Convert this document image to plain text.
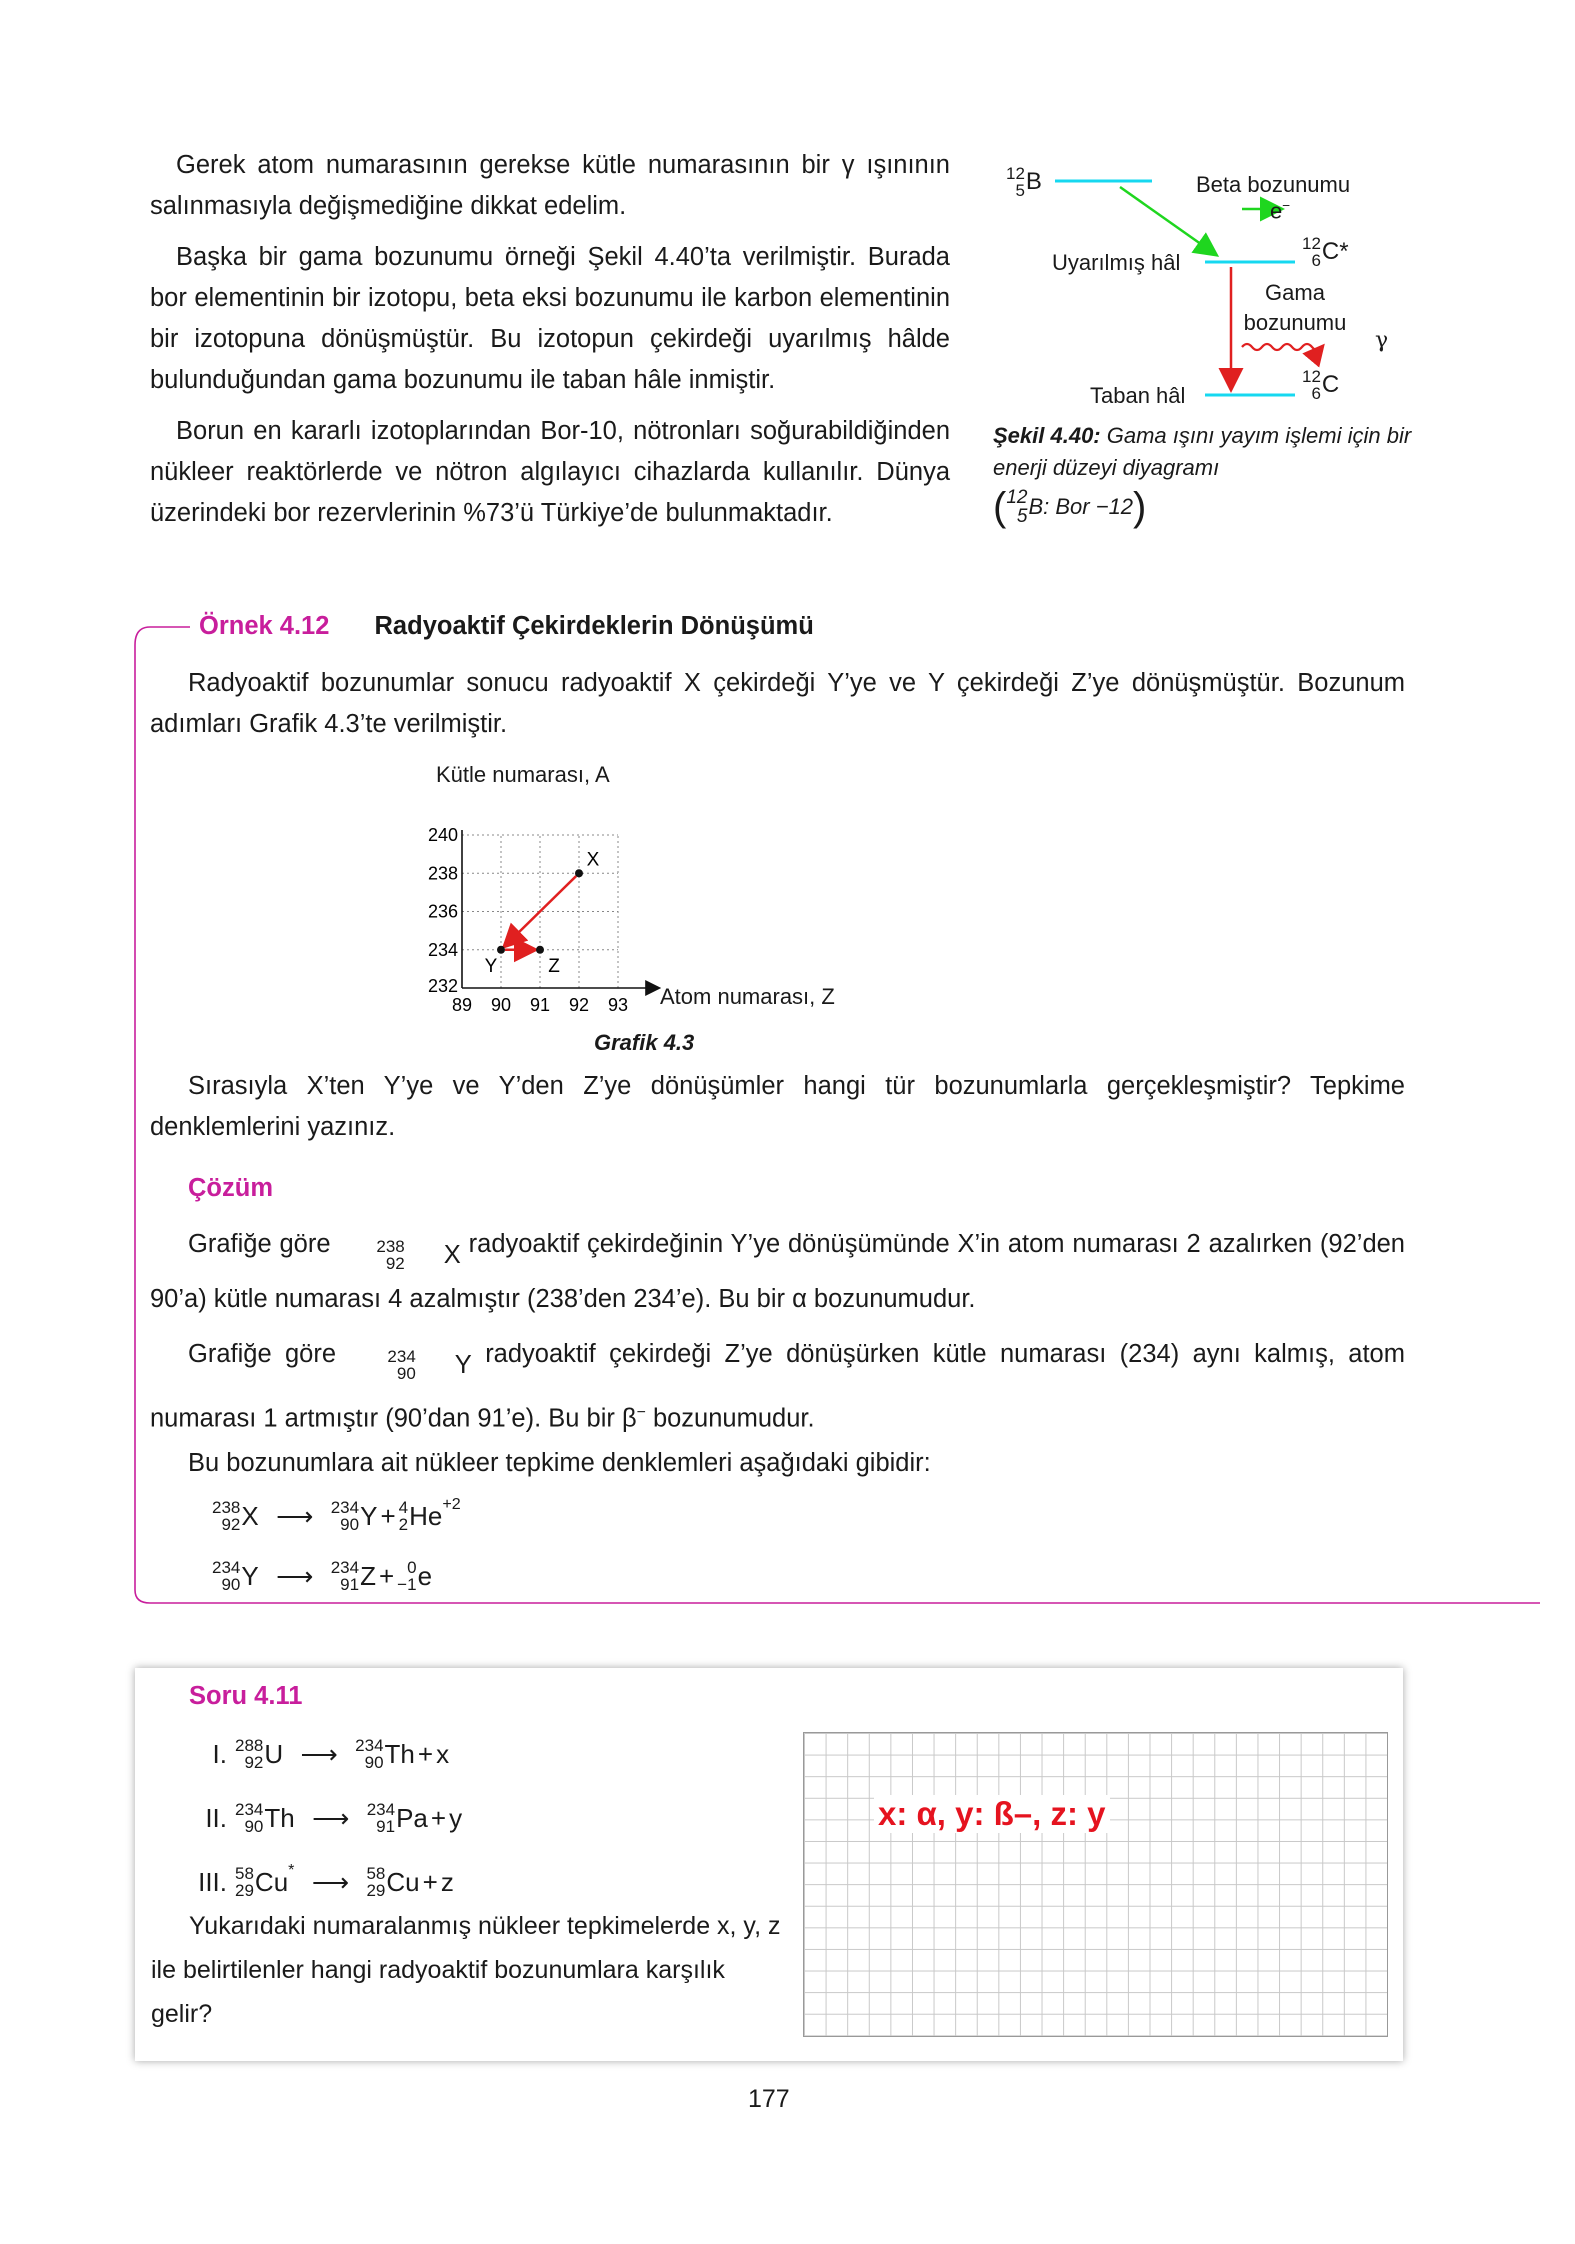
Gerek atom numarasının gerekse kütle numarasının bir γ ışınının salınmasıyla değişmediğine dikkat edelim.

Başka bir gama bozunumu örneği Şekil 4.40’ta verilmiştir. Burada bor elementinin bir izotopu, beta eksi bozunumu ile karbon elementinin bir izotopuna dönüşmüştür. Bu izotopun çekirdeği uyarılmış hâlde bulunduğundan gama bozunumu ile taban hâle inmiştir.

Borun en kararlı izotoplarından Bor-10, nötronları soğurabildiğinden nükleer reaktörlerde ve nötron algılayıcı cihazlarda kullanılır. Dünya üzerindeki bor rezervlerinin %73’ü Türkiye’de bulunmaktadır.

12
5 B	Beta bozunumu
e−
Uyarılmış hâl
12
6 C*
Gama
bozunumu
γ
Taban hâl
12
6 C
Şekil 4.40: Gama ışını yayım işlemi için bir enerji düzeyi diyagramı
( 12
5 B: Bor −12 )
Örnek 4.12 Radyoaktif Çekirdeklerin Dönüşümü

Radyoaktif bozunumlar sonucu radyoaktif X çekirdeği Y’ye ve Y çekirdeği Z’ye dönüşmüştür. Bozunum adımları Grafik 4.3’te verilmiştir.

89 90 91 92 93
232
234
236
238
240
X
Y	Z
Kütle numarası, A
Atom numarası, Z
Grafik 4.3

Sırasıyla X’ten Y’ye ve Y’den Z’ye dönüşümler hangi tür bozunumlarla gerçekleşmiştir? Tepkime denklemlerini yazınız.

Çözüm

Grafiğe göre	238
92	X radyoaktif çekirdeğinin Y’ye dönüşümünde X’in atom numarası 2 azalırken (92’den 90’a) kütle numarası 4 azalmıştır (238’den 234’e). Bu bir α bozunumudur.

Grafiğe göre	234
90	Y radyoaktif çekirdeği Z’ye dönüşürken kütle numarası (234) aynı kalmış, atom numarası 1 artmıştır (90’dan 91’e). Bu bir β− bozunumudur.

Bu bozunumlara ait nükleer tepkime denklemleri aşağıdaki gibidir:

238
92 X ⟶ 234
90 Y + 4
2 $He^{+2}$
234
90 Y ⟶ 234
91 Z + 0
−1 e
Soru 4.11
I. 288
92 U ⟶ 234
90 Th + x
II. 234
90 Th ⟶ 234
91 Pa + y
III. 58
29 Cu* ⟶ 58
29 Cu + z

Yukarıdaki numaralanmış nükleer tepkimelerde x, y, z ile belirtilenler hangi radyoaktif bozunumlara karşılık gelir?

x: α, y: ß–, z: y
177
